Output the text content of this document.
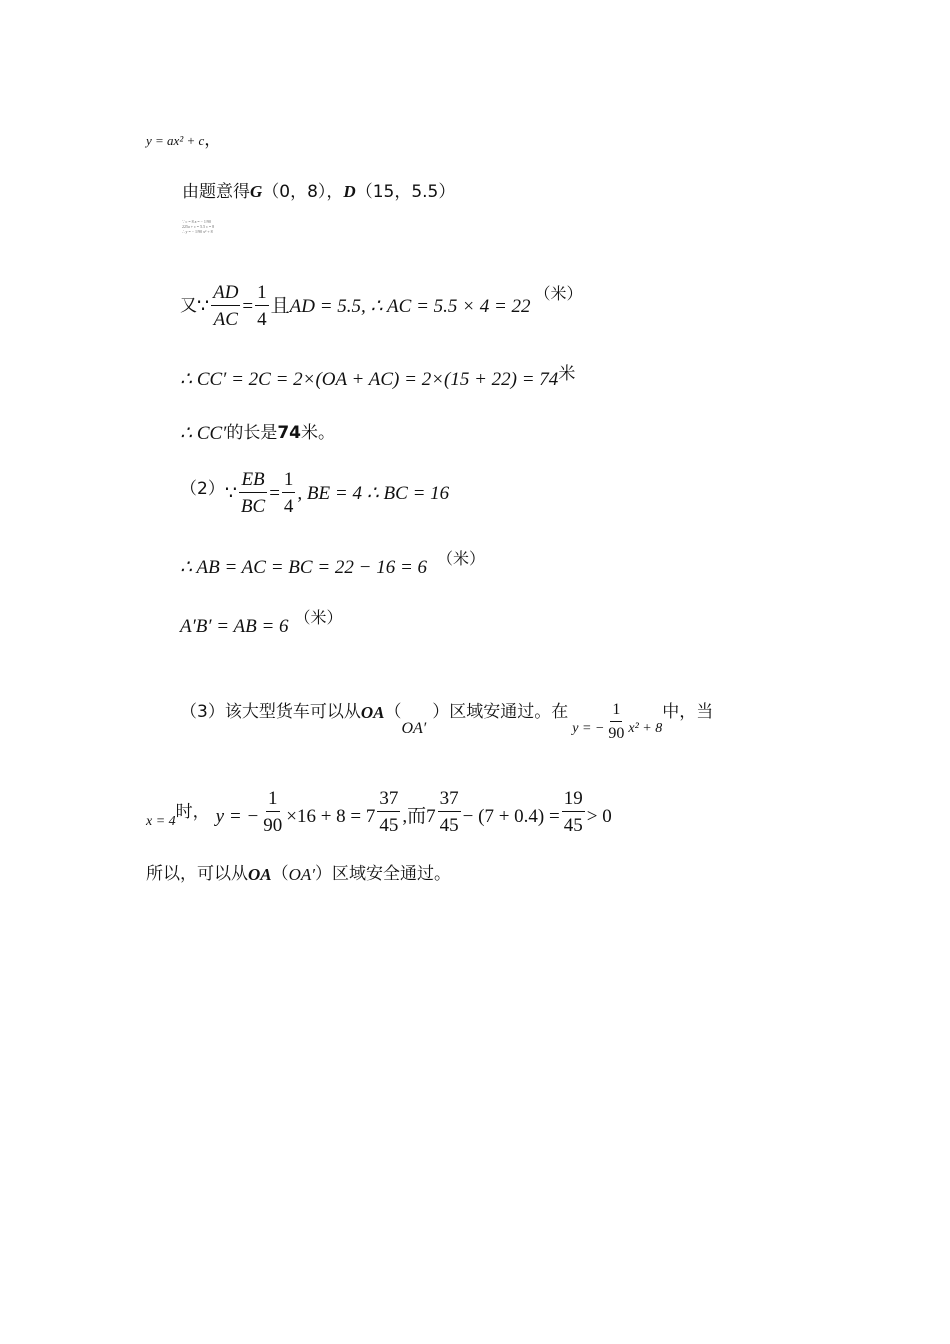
y = ax² + c，
由题意得G（0，8），D（15，5.5）
∵ c = 8 a = − 1/90
225a + c = 5.5 c = 8
∴ y = − 1/90 x² + 8
又 ∵ $\frac{AD}{AC} = \frac{1}{4}$ 且 AD = 5.5, ∴ AC = 5.5 × 4 = 22
（米）
∴ CC′ = 2C = 2×(OA + AC) = 2×(15 + 22) = 74 米
∴ CC′ 的长是 74 米。
（2） ∵ $\frac{EB}{BC} = \frac{1}{4}$ , BE = 4 ∴ BC = 16
∴ AB = AC = BC = 22 − 16 = 6 （米）
A′B′ = AB = 6 （米）
（3）该大型货车可以从 OA （
OA′
）区域安通过。在
y = − $\frac{1}{90} x^2 + 8$
中，当
x = 4 时， y = − $\frac{1}{90} \times 16 + 8 = 7 \frac{37}{45}$ ,而$7 \frac{37}{45} - (7 + 0.4) = \frac{19}{45} > 0$
所以，可以从 OA （ OA′ ）区域安全通过。
